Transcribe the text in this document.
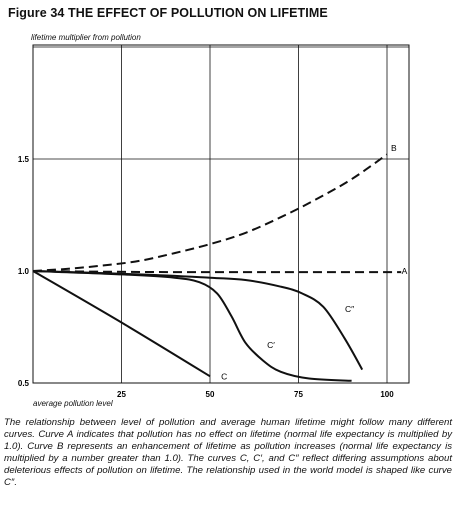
Figure 34 THE EFFECT OF POLLUTION ON LIFETIME
lifetime multiplier from pollution
25	50	75	100
0.5
1.0
1.5
A
B
C
C′
C″
average pollution level
The relationship between level of pollution and average human lifetime might follow many different curves. Curve A indicates that pollution has no effect on lifetime (normal life expectancy is multiplied by 1.0). Curve B represents an enhancement of lifetime as pollution increases (normal life expectancy is multiplied by a number greater than 1.0). The curves C, C′, and C″ reflect differing assumptions about deleterious effects of pollution on lifetime. The relationship used in the world model is shaped like curve C″.
